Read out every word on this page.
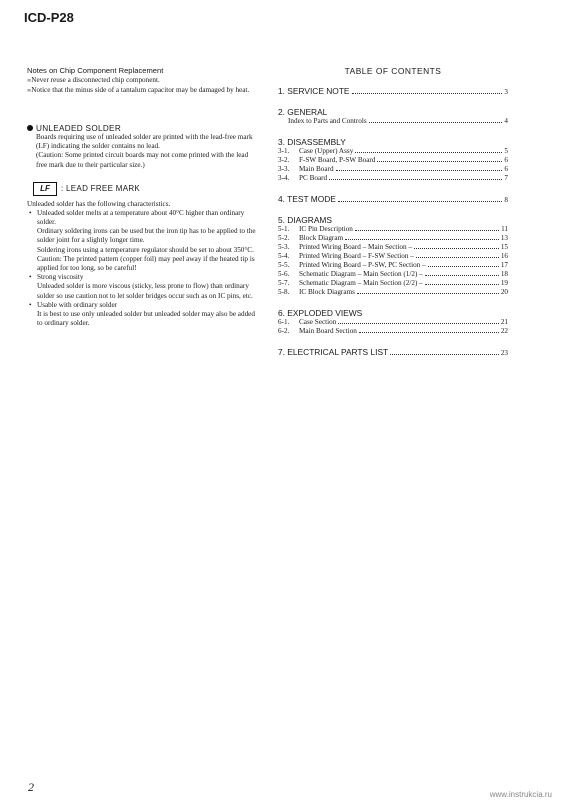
ICD-P28
Notes on Chip Component Replacement
∞Never reuse a disconnected chip component.
∞Notice that the minus side of a tantalum capacitor may be damaged by heat.
UNLEADED SOLDER
Boards requiring use of unleaded solder are printed with the lead-free mark (LF) indicating the solder contains no lead.
(Caution: Some printed circuit boards may not come printed with the lead free mark due to their particular size.)
LF	: LEAD FREE MARK
Unleaded solder has the following characteristics.
• Unleaded solder melts at a temperature about 40°C higher than ordinary solder.
Ordinary soldering irons can be used but the iron tip has to be applied to the solder joint for a slightly longer time.
Soldering irons using a temperature regulator should be set to about 350°C.
Caution: The printed pattern (copper foil) may peel away if the heated tip is applied for too long, so be careful!
• Strong viscosity
Unleaded solder is more viscous (sticky, less prone to flow) than ordinary solder so use caution not to let solder bridges occur such as on IC pins, etc.
• Usable with ordinary solder
It is best to use only unleaded solder but unleaded solder may also be added to ordinary solder.
TABLE OF CONTENTS
1. SERVICE NOTE	3
2. GENERAL
Index to Parts and Controls	4
3. DISASSEMBLY
3-1.	Case (Upper) Assy	5
3-2.	F-SW Board, P-SW Board	6
3-3.	Main Board	6
3-4.	PC Board	7
4. TEST MODE	8
5. DIAGRAMS
5-1.	IC Pin Description	11
5-2.	Block Diagram	13
5-3.	Printed Wiring Board – Main Section –	15
5-4.	Printed Wiring Board – F-SW Section –	16
5-5.	Printed Wiring Board – P-SW, PC Section –	17
5-6.	Schematic Diagram – Main Section (1/2) –	18
5-7.	Schematic Diagram – Main Section (2/2) –	19
5-8.	IC Block Diagrams	20
6. EXPLODED VIEWS
6-1.	Case Section	21
6-2.	Main Board Section	22
7. ELECTRICAL PARTS LIST	23
2
www.instrukcia.ru
